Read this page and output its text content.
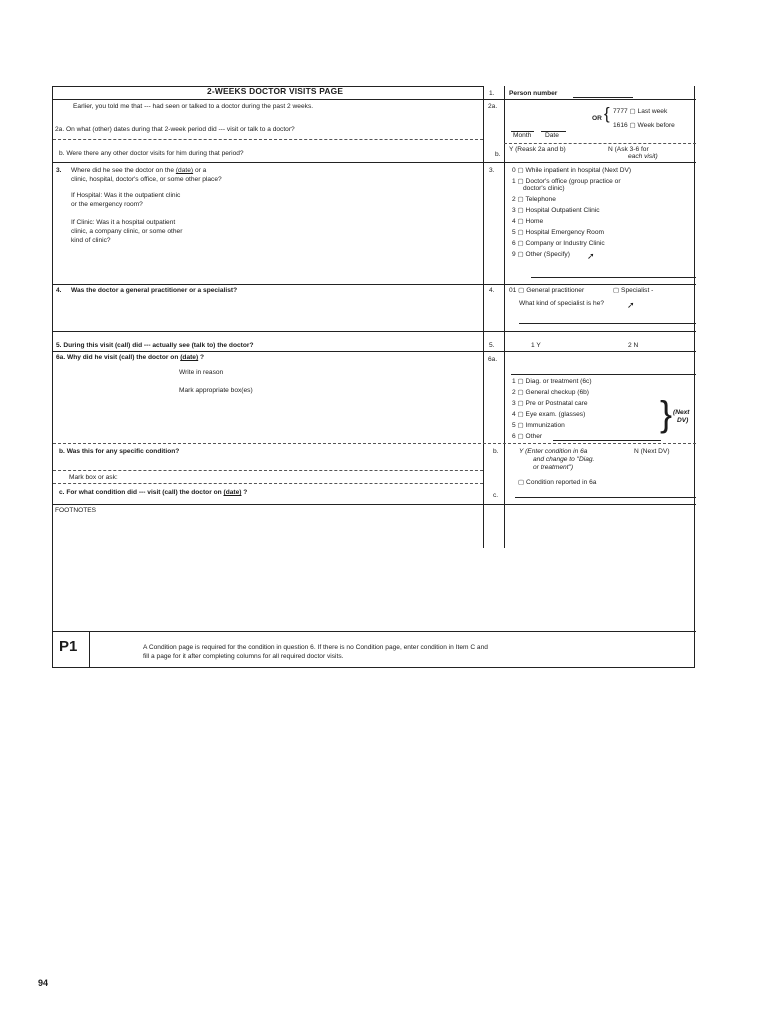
2-WEEKS DOCTOR VISITS PAGE	1. Person number
Earlier, you told me that --- had seen or talked to a doctor during the past 2 weeks.
2a. On what (other) dates during that 2-week period did --- visit or talk to a doctor?
2a.
OR { 7777 ▢ Last week
1616 ▢ Week before
Month Date
b. Were there any other doctor visits for him during that period?	b.
Y (Reask 2a and b)	N (Ask 3-6 for
each visit)
3. Where did he see the doctor on the (date) or a
clinic, hospital, doctor's office, or some other place?
If Hospital: Was it the outpatient clinic
or the emergency room?
If Clinic: Was it a hospital outpatient
clinic, a company clinic, or some other
kind of clinic?
3.	0 ▢ While inpatient in hospital (Next DV)
1 ▢ Doctor's office (group practice or
doctor's clinic)
2 ▢ Telephone
3 ▢ Hospital Outpatient Clinic
4 ▢ Home
5 ▢ Hospital Emergency Room
6 ▢ Company or Industry Clinic
9 ▢ Other (Specify) ➚
4. Was the doctor a general practitioner or a specialist?	4. 01 ▢ General practitioner	▢ Specialist -
What kind of specialist is he?	➚
5. During this visit (call) did --- actually see (talk to) the doctor?	5.	1 Y	2 N
6a. Why did he visit (call) the doctor on (date) ?
Write in reason
Mark appropriate box(es)
6a.
1 ▢ Diag. or treatment (6c)
2 ▢ General checkup (6b)
3 ▢ Pre or Postnatal care
4 ▢ Eye exam. (glasses)
5 ▢ Immunization
6 ▢ Other
} (Next
DV)
b. Was this for any specific condition?	b.	Y (Enter condition in 6a
and change to "Diag.
or treatment")
N (Next DV)
Mark box or ask:
▢ Condition reported in 6a
c. For what condition did --- visit (call) the doctor on (date) ?	c.
FOOTNOTES
P1	A Condition page is required for the condition in question 6. If there is no Condition page, enter condition in Item C and
fill a page for it after completing columns for all required doctor visits.
94
